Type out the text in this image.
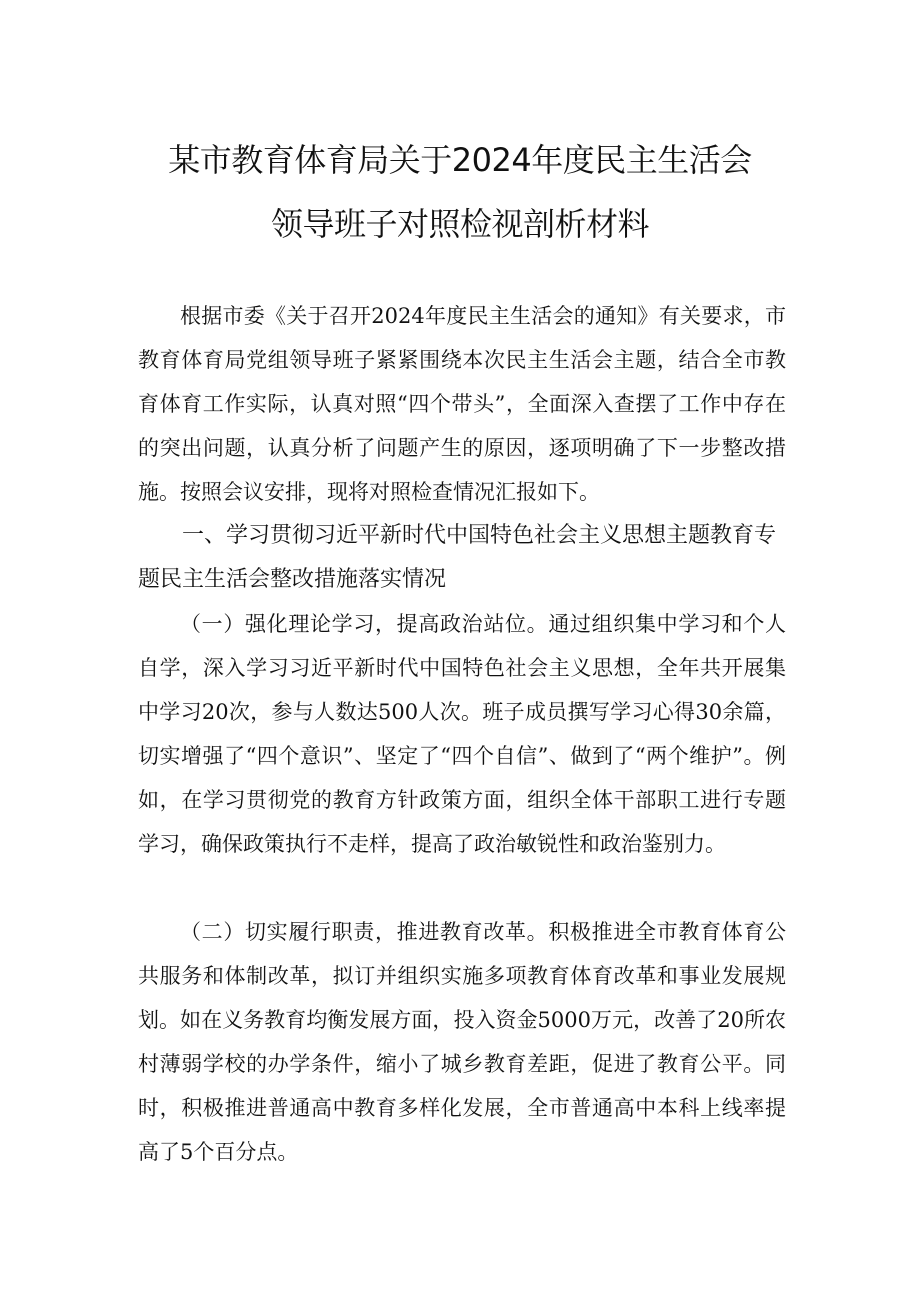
某市教育体育局关于2024年度民主生活会
领导班子对照检视剖析材料

根据市委《关于召开2024年度民主生活会的通知》有关要求，市教育体育局党组领导班子紧紧围绕本次民主生活会主题，结合全市教育体育工作实际，认真对照“四个带头”，全面深入查摆了工作中存在的突出问题，认真分析了问题产生的原因，逐项明确了下一步整改措施。按照会议安排，现将对照检查情况汇报如下。

一、学习贯彻习近平新时代中国特色社会主义思想主题教育专题民主生活会整改措施落实情况

（一）强化理论学习，提高政治站位。通过组织集中学习和个人自学，深入学习习近平新时代中国特色社会主义思想，全年共开展集中学习20次，参与人数达500人次。班子成员撰写学习心得30余篇，切实增强了“四个意识”、坚定了“四个自信”、做到了“两个维护”。例如，在学习贯彻党的教育方针政策方面，组织全体干部职工进行专题学习，确保政策执行不走样，提高了政治敏锐性和政治鉴别力。

（二）切实履行职责，推进教育改革。积极推进全市教育体育公共服务和体制改革，拟订并组织实施多项教育体育改革和事业发展规划。如在义务教育均衡发展方面，投入资金5000万元，改善了20所农村薄弱学校的办学条件，缩小了城乡教育差距，促进了教育公平。同时，积极推进普通高中教育多样化发展，全市普通高中本科上线率提高了5个百分点。
